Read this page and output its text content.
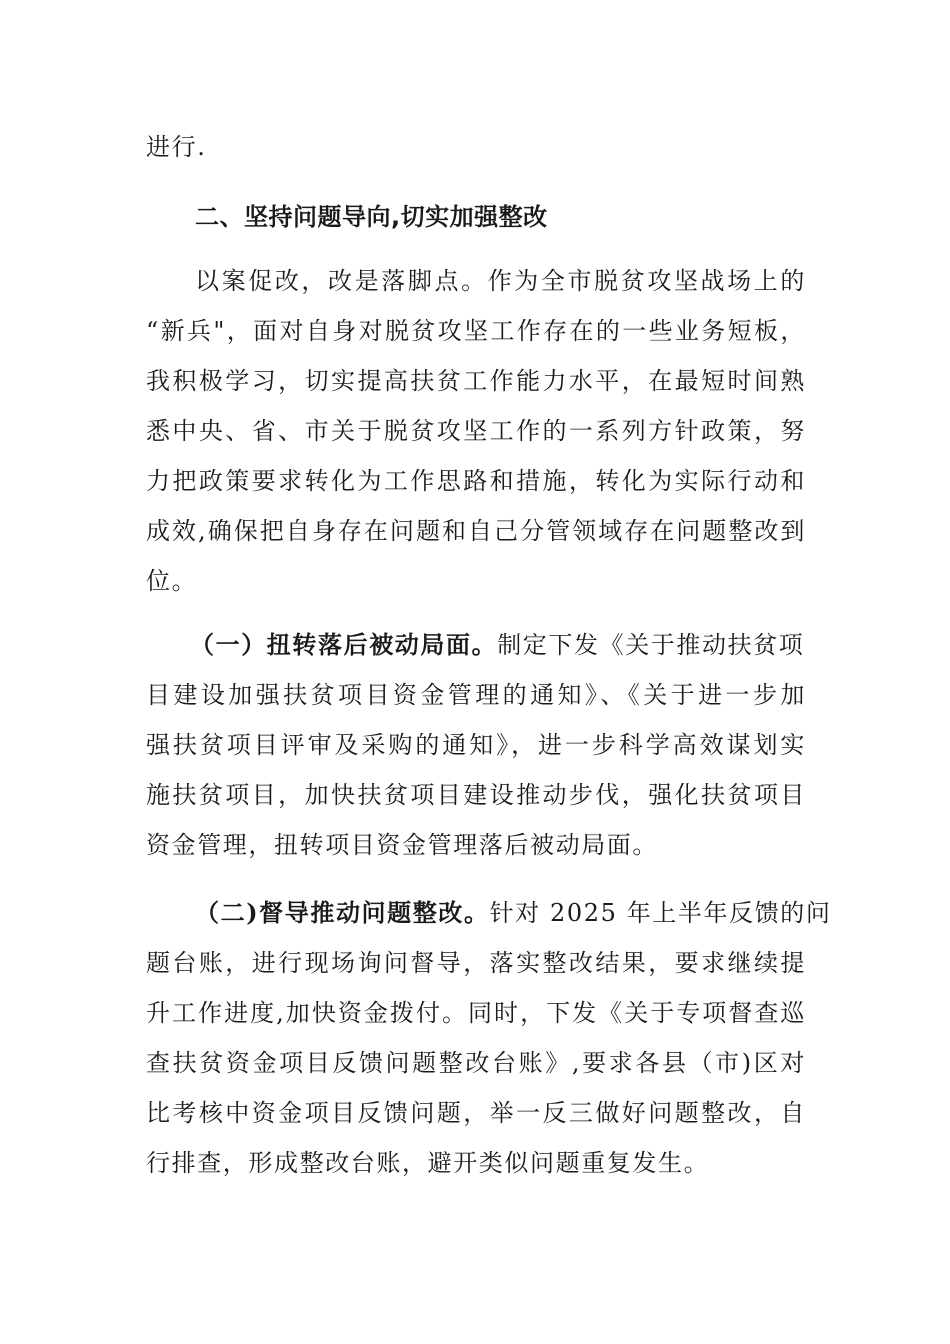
进行.
二、坚持问题导向,切实加强整改
以案促改，改是落脚点。作为全市脱贫攻坚战场上的
“新兵"，面对自身对脱贫攻坚工作存在的一些业务短板，
我积极学习，切实提高扶贫工作能力水平，在最短时间熟
悉中央、省、市关于脱贫攻坚工作的一系列方针政策，努
力把政策要求转化为工作思路和措施，转化为实际行动和
成效,确保把自身存在问题和自己分管领域存在问题整改到
位。
（一）扭转落后被动局面。制定下发《关于推动扶贫项
目建设加强扶贫项目资金管理的通知》、《关于进一步加
强扶贫项目评审及采购的通知》，进一步科学高效谋划实
施扶贫项目，加快扶贫项目建设推动步伐，强化扶贫项目
资金管理，扭转项目资金管理落后被动局面。
（二)督导推动问题整改。针对 2025 年上半年反馈的问
题台账，进行现场询问督导，落实整改结果，要求继续提
升工作进度,加快资金拨付。同时，下发《关于专项督查巡
查扶贫资金项目反馈问题整改台账》,要求各县（市)区对
比考核中资金项目反馈问题，举一反三做好问题整改，自
行排查，形成整改台账，避开类似问题重复发生。
